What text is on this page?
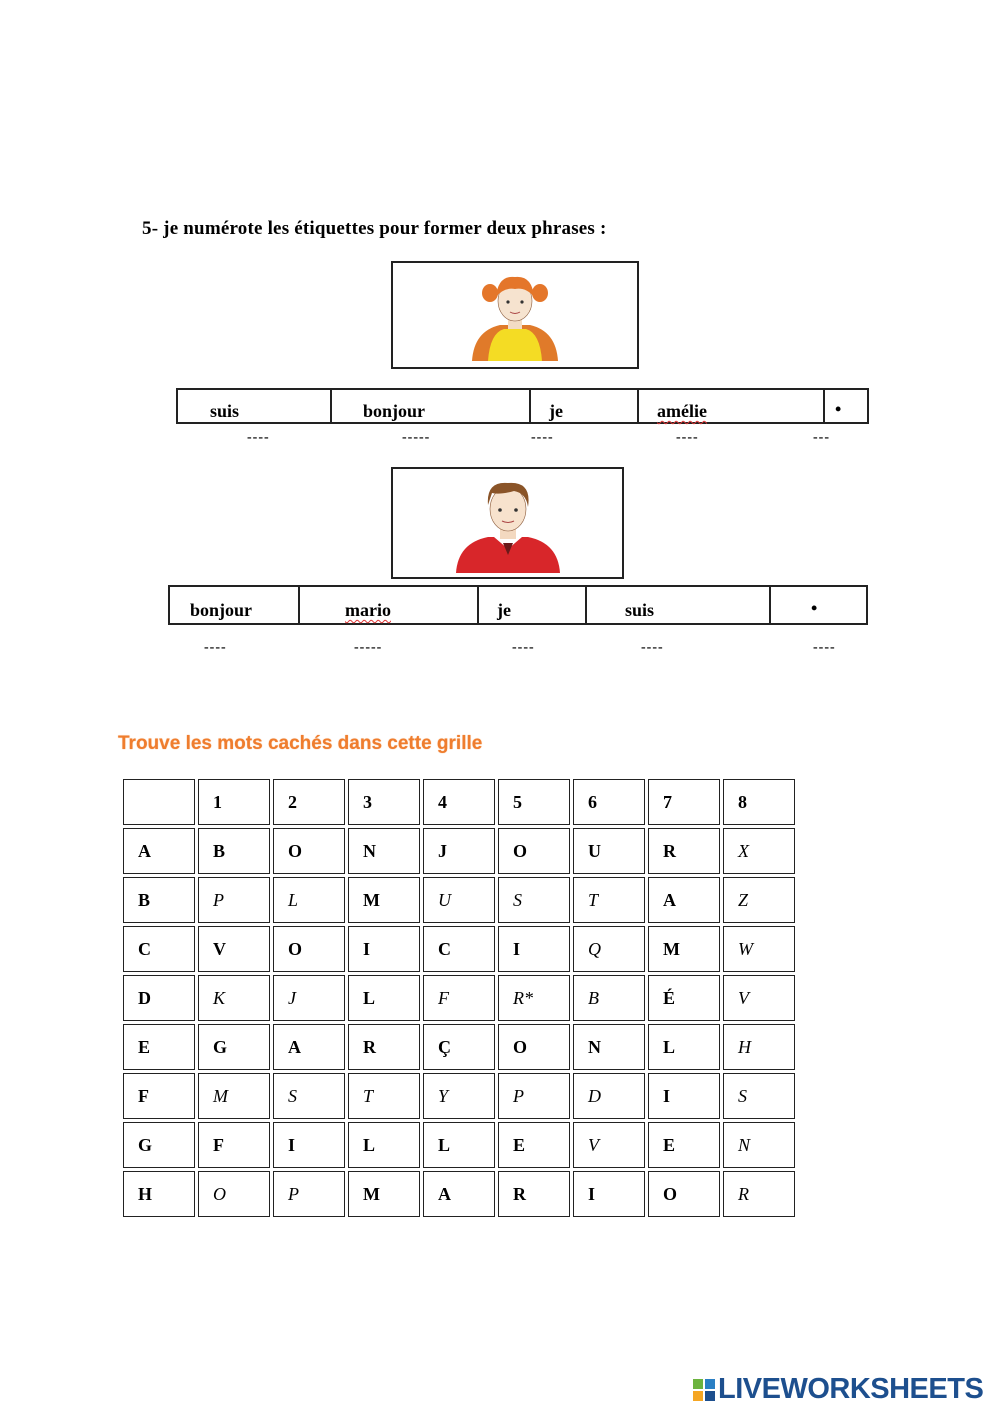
5- je numérote les étiquettes pour former deux phrases :
suis	bonjour	je	amélie	•
----	-----	----	----	---
bonjour	mario	je	suis	•
----	-----	----	----	----
Trouve les mots cachés dans cette grille
	1	2	3	4	5	6	7	8
A	B	O	N	J	O	U	R	X
B	P	L	M	U	S	T	A	Z
C	V	O	I	C	I	Q	M	W
D	K	J	L	F	R*	B	É	V
E	G	A	R	Ç	O	N	L	H
F	M	S	T	Y	P	D	I	S
G	F	I	L	L	E	V	E	N
H	O	P	M	A	R	I	O	R
LIVEWORKSHEETS
